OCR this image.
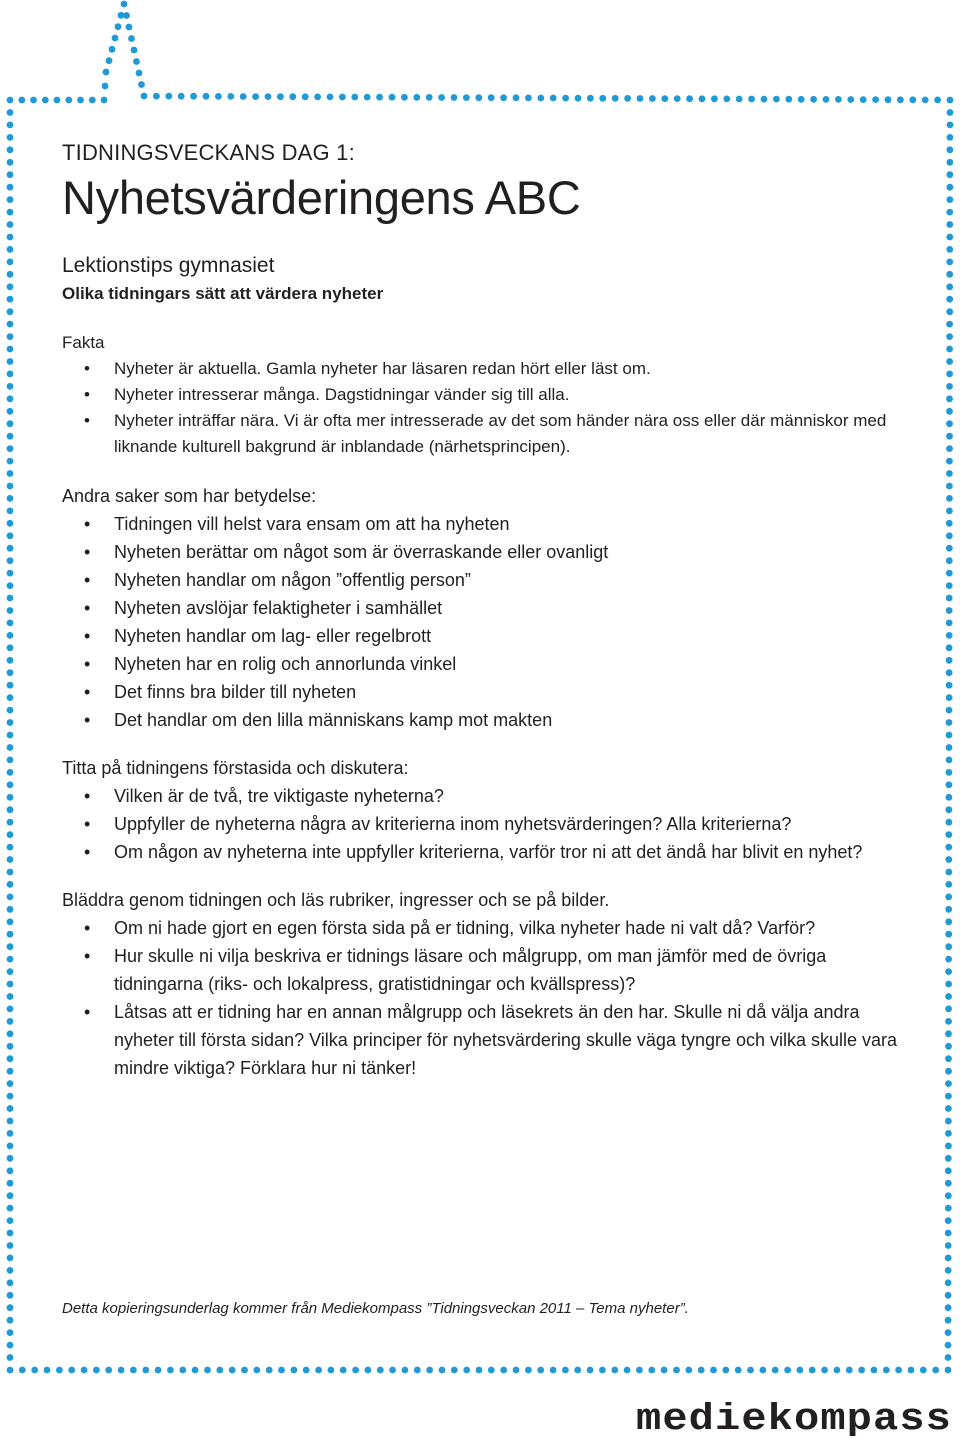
TIDNINGSVECKANS DAG 1:
Nyhetsvärderingens ABC
Lektionstips gymnasiet
Olika tidningars sätt att värdera nyheter
Fakta
• Nyheter är aktuella. Gamla nyheter har läsaren redan hört eller läst om.
• Nyheter intresserar många. Dagstidningar vänder sig till alla.
• Nyheter inträffar nära. Vi är ofta mer intresserade av det som händer nära oss eller där människor med liknande kulturell bakgrund är inblandade (närhetsprincipen).
Andra saker som har betydelse:
• Tidningen vill helst vara ensam om att ha nyheten
• Nyheten berättar om något som är överraskande eller ovanligt
• Nyheten handlar om någon ”offentlig person”
• Nyheten avslöjar felaktigheter i samhället
• Nyheten handlar om lag- eller regelbrott
• Nyheten har en rolig och annorlunda vinkel
• Det finns bra bilder till nyheten
• Det handlar om den lilla människans kamp mot makten
Titta på tidningens förstasida och diskutera:
• Vilken är de två, tre viktigaste nyheterna?
• Uppfyller de nyheterna några av kriterierna inom nyhetsvärderingen? Alla kriterierna?
• Om någon av nyheterna inte uppfyller kriterierna, varför tror ni att det ändå har blivit en nyhet?
Bläddra genom tidningen och läs rubriker, ingresser och se på bilder.
• Om ni hade gjort en egen första sida på er tidning, vilka nyheter hade ni valt då? Varför?
• Hur skulle ni vilja beskriva er tidnings läsare och målgrupp, om man jämför med de övriga tidningarna (riks- och lokalpress, gratistidningar och kvällspress)?
• Låtsas att er tidning har en annan målgrupp och läsekrets än den har. Skulle ni då välja andra nyheter till första sidan? Vilka principer för nyhetsvärdering skulle väga tyngre och vilka skulle vara mindre viktiga? Förklara hur ni tänker!
Detta kopieringsunderlag kommer från Mediekompass ”Tidningsveckan 2011 – Tema nyheter”.
mediekompass
